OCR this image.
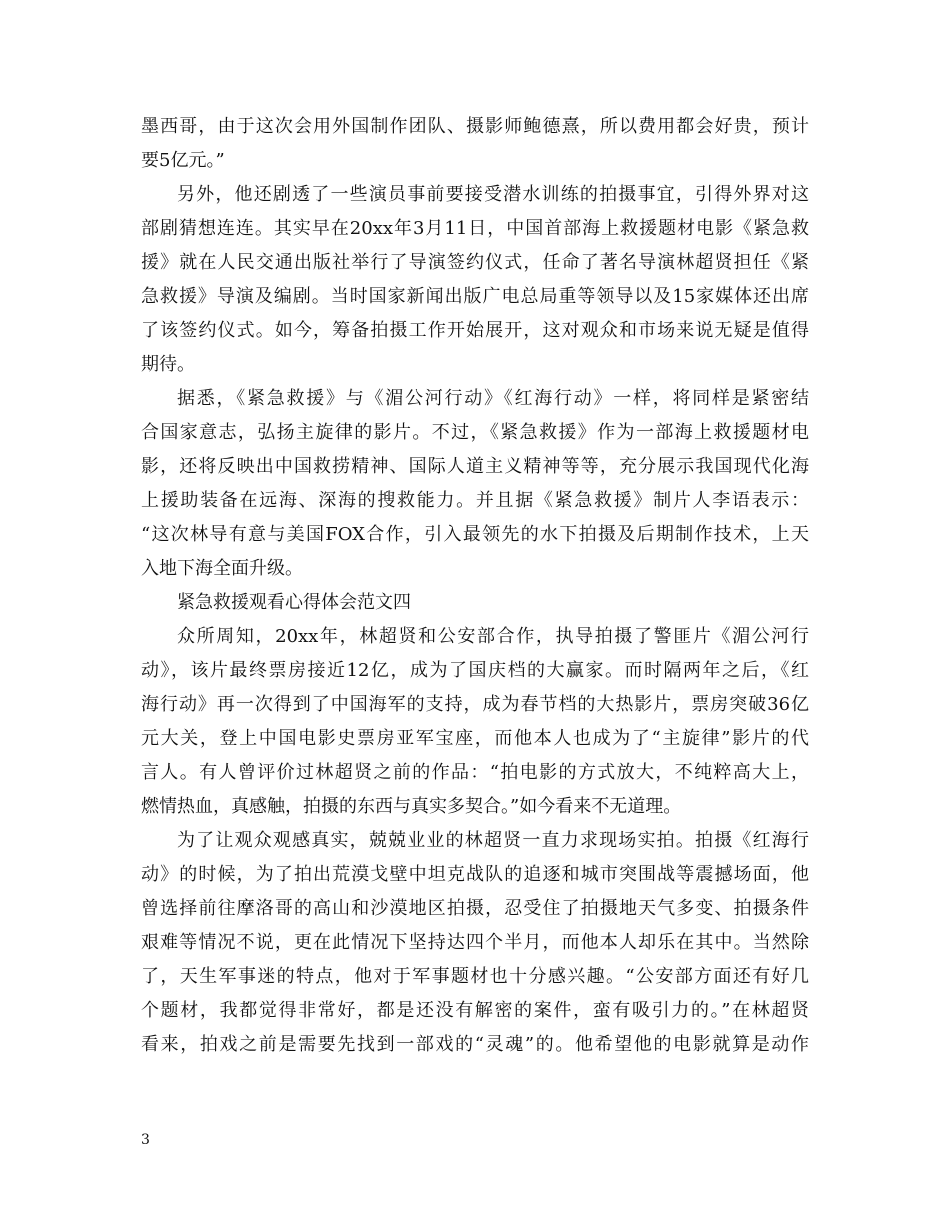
墨西哥，由于这次会用外国制作团队、摄影师鲍德熹，所以费用都会好贵，预计
要5亿元。”
另外，他还剧透了一些演员事前要接受潜水训练的拍摄事宜，引得外界对这
部剧猜想连连。其实早在20xx年3月11日，中国首部海上救援题材电影《紧急救
援》就在人民交通出版社举行了导演签约仪式，任命了著名导演林超贤担任《紧
急救援》导演及编剧。当时国家新闻出版广电总局重等领导以及15家媒体还出席
了该签约仪式。如今，筹备拍摄工作开始展开，这对观众和市场来说无疑是值得
期待。
据悉，《紧急救援》与《湄公河行动》《红海行动》一样，将同样是紧密结
合国家意志，弘扬主旋律的影片。不过，《紧急救援》作为一部海上救援题材电
影，还将反映出中国救捞精神、国际人道主义精神等等，充分展示我国现代化海
上援助装备在远海、深海的搜救能力。并且据《紧急救援》制片人李语表示：
“这次林导有意与美国FOX合作，引入最领先的水下拍摄及后期制作技术，上天
入地下海全面升级。
紧急救援观看心得体会范文四
众所周知，20xx年，林超贤和公安部合作，执导拍摄了警匪片《湄公河行
动》，该片最终票房接近12亿，成为了国庆档的大赢家。而时隔两年之后，《红
海行动》再一次得到了中国海军的支持，成为春节档的大热影片，票房突破36亿
元大关，登上中国电影史票房亚军宝座，而他本人也成为了“主旋律”影片的代
言人。有人曾评价过林超贤之前的作品：“拍电影的方式放大，不纯粹高大上，
燃情热血，真感触，拍摄的东西与真实多契合。”如今看来不无道理。
为了让观众观感真实，兢兢业业的林超贤一直力求现场实拍。拍摄《红海行
动》的时候，为了拍出荒漠戈壁中坦克战队的追逐和城市突围战等震撼场面，他
曾选择前往摩洛哥的高山和沙漠地区拍摄，忍受住了拍摄地天气多变、拍摄条件
艰难等情况不说，更在此情况下坚持达四个半月，而他本人却乐在其中。当然除
了，天生军事迷的特点，他对于军事题材也十分感兴趣。“公安部方面还有好几
个题材，我都觉得非常好，都是还没有解密的案件，蛮有吸引力的。”在林超贤
看来，拍戏之前是需要先找到一部戏的“灵魂”的。他希望他的电影就算是动作
3
